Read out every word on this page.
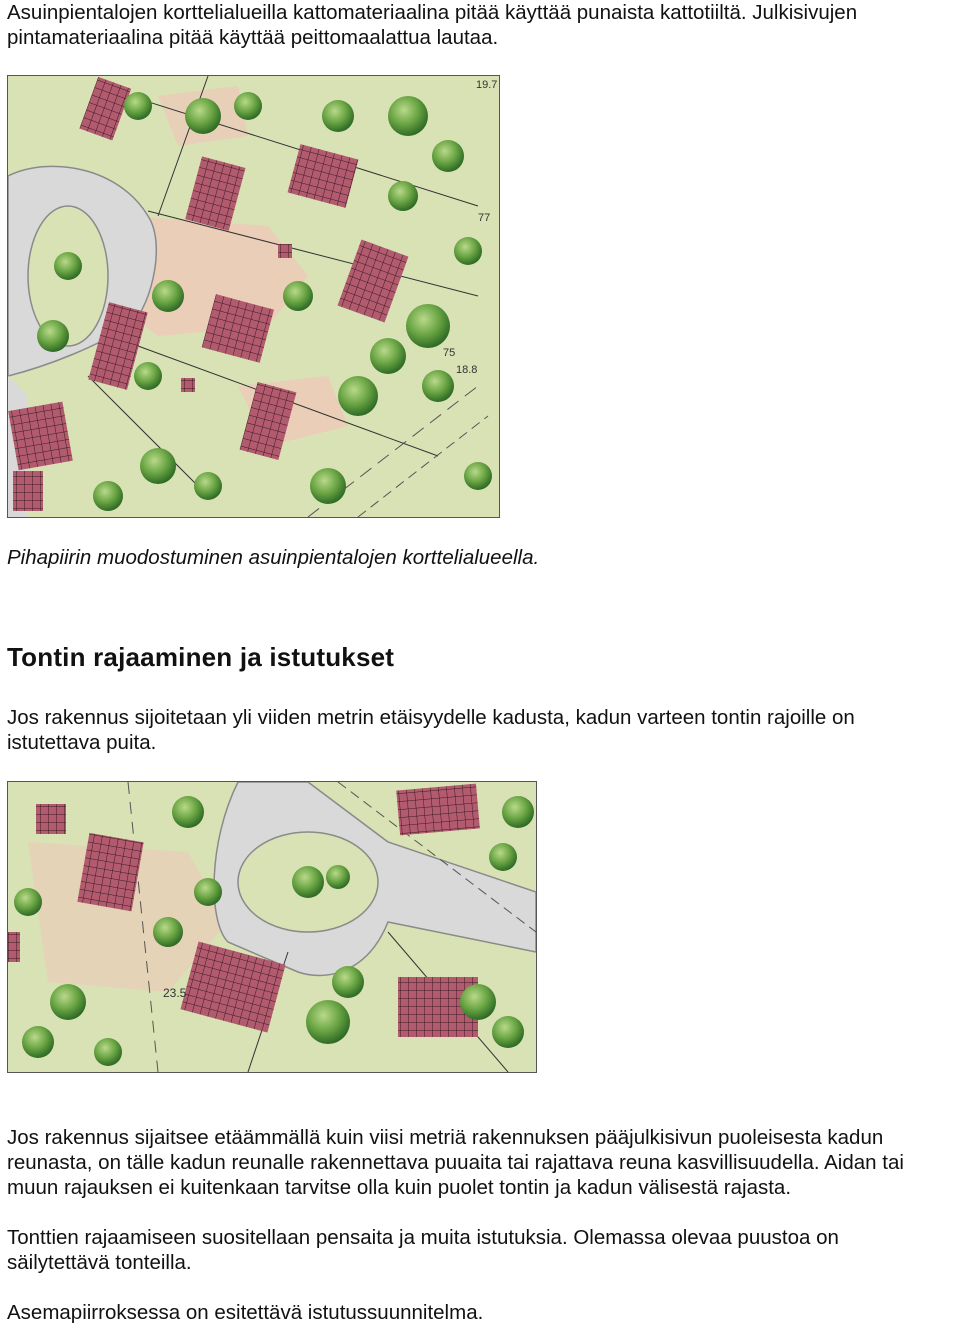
Asuinpientalojen korttelialueilla kattomateriaalina pitää käyttää punaista kattotiiltä. Julkisivujen

pintamateriaalina pitää käyttää peittomaalattua lautaa.

19.7
77
75
18.8

Pihapiirin muodostuminen asuinpientalojen korttelialueella.

Tontin rajaaminen ja istutukset

Jos rakennus sijoitetaan yli viiden metrin etäisyydelle kadusta, kadun varteen tontin rajoille on

istutettava puita.

23.5

Jos rakennus sijaitsee etäämmällä kuin viisi metriä rakennuksen pääjulkisivun puoleisesta kadun

reunasta, on tälle kadun reunalle rakennettava puuaita tai rajattava reuna kasvillisuudella. Aidan tai

muun rajauksen ei kuitenkaan tarvitse olla kuin puolet tontin ja kadun välisestä rajasta.

Tonttien rajaamiseen suositellaan pensaita ja muita istutuksia. Olemassa olevaa puustoa on

säilytettävä tonteilla.

Asemapiirroksessa on esitettävä istutussuunnitelma.
